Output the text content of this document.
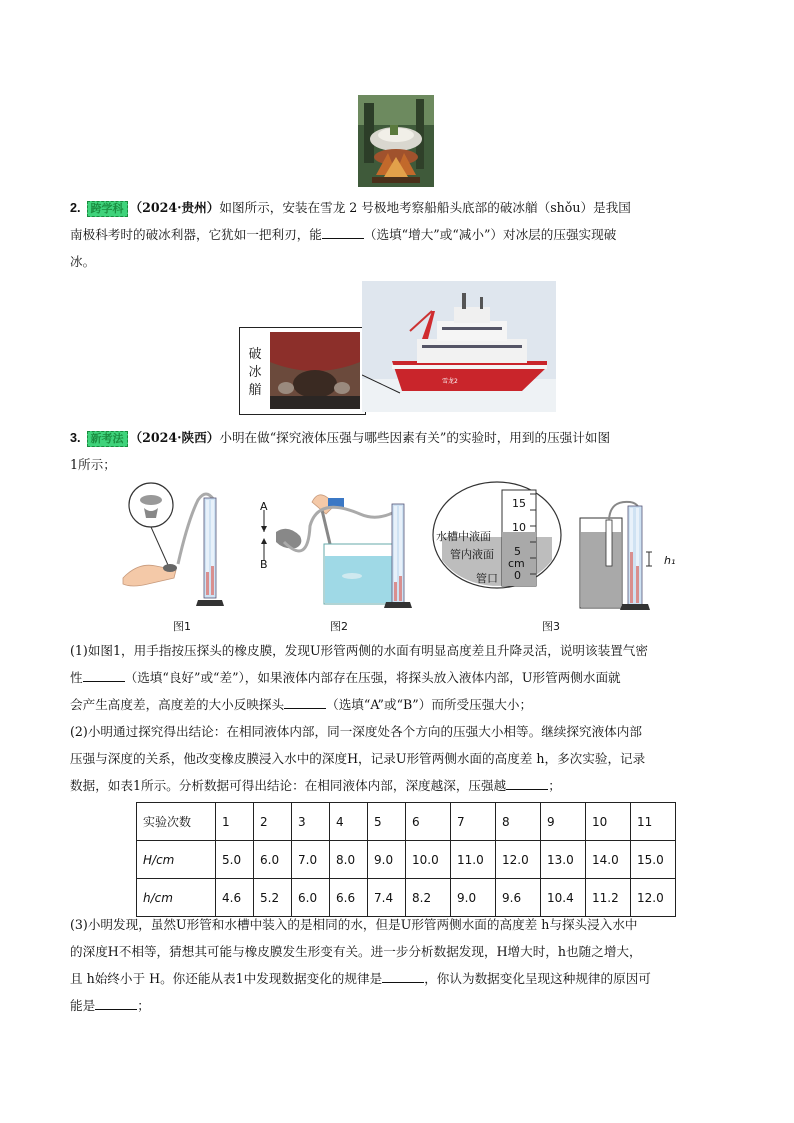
2. 跨学科 （2024·贵州）如图所示，安装在雪龙 2 号极地考察船船头底部的破冰艏（shǒu）是我国
南极科考时的破冰利器，它犹如一把利刃，能	（选填“增大”或“减小”）对冰层的压强实现破
冰。
破
冰
艏
雪龙2
3. 新考法 （2024·陕西）小明在做“探究液体压强与哪些因素有关”的实验时，用到的压强计如图
1所示；
图1
A
B
图2
15
10
5
0
cm
水槽中液面
管内液面
管口
h₁
图3
(1)如图1，用手指按压探头的橡皮膜，发现U形管两侧的水面有明显高度差且升降灵活，说明该装置气密
性	（选填“良好”或“差”），如果液体内部存在压强，将探头放入液体内部，U形管两侧水面就
会产生高度差，高度差的大小反映探头	（选填“A”或“B”）而所受压强大小；
(2)小明通过探究得出结论：在相同液体内部，同一深度处各个方向的压强大小相等。继续探究液体内部
压强与深度的关系，他改变橡皮膜浸入水中的深度H，记录U形管两侧水面的高度差 h，多次实验，记录
数据，如表1所示。分析数据可得出结论：在相同液体内部，深度越深，压强越	；
实验次数	1	2	3	4	5	6	7	8	9	10	11
H/cm	5.0	6.0	7.0	8.0	9.0	10.0	11.0	12.0	13.0	14.0	15.0
h/cm	4.6	5.2	6.0	6.6	7.4	8.2	9.0	9.6	10.4	11.2	12.0
(3)小明发现，虽然U形管和水槽中装入的是相同的水，但是U形管两侧水面的高度差 h与探头浸入水中
的深度H不相等，猜想其可能与橡皮膜发生形变有关。进一步分析数据发现，H增大时，h也随之增大，
且 h始终小于 H。你还能从表1中发现数据变化的规律是	，你认为数据变化呈现这种规律的原因可
能是	；
